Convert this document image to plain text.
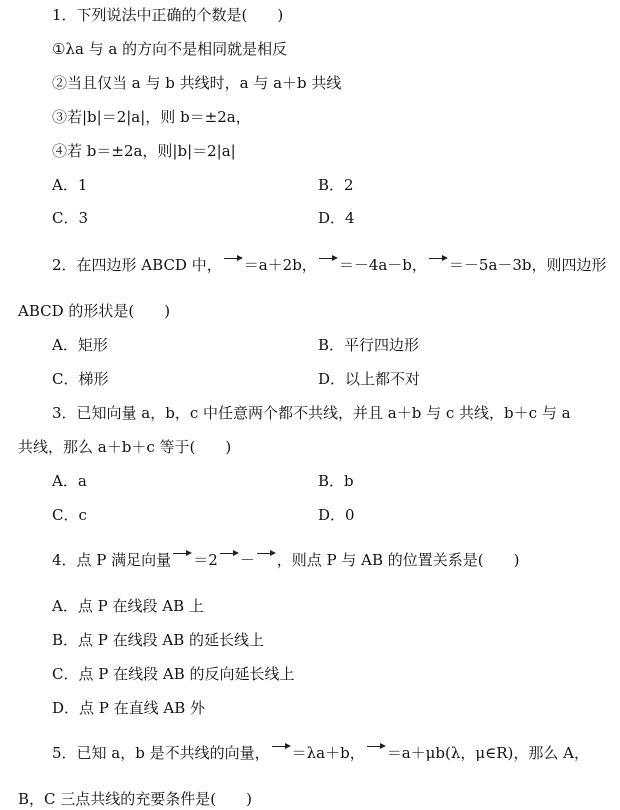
1．下列说法中正确的个数是(　　)
①λa 与 a 的方向不是相同就是相反
②当且仅当 a 与 b 共线时，a 与 a＋b 共线
③若|b|＝2|a|，则 b＝±2a，
④若 b＝±2a，则|b|＝2|a|
A．1	B．2
C．3	D．4
2．在四边形 ABCD 中， ＝a＋2b， ＝－4a－b， ＝－5a－3b，则四边形
ABCD 的形状是(　　)
A．矩形	B．平行四边形
C．梯形	D．以上都不对
3．已知向量 a，b，c 中任意两个都不共线，并且 a＋b 与 c 共线，b＋c 与 a
共线，那么 a＋b＋c 等于(　　)
A．a	B．b
C．c	D．0
4．点 P 满足向量 ＝2 － ，则点 P 与 AB 的位置关系是(　　)
A．点 P 在线段 AB 上
B．点 P 在线段 AB 的延长线上
C．点 P 在线段 AB 的反向延长线上
D．点 P 在直线 AB 外
5．已知 a，b 是不共线的向量， ＝λa＋b， ＝a＋μb(λ，μ∈R)，那么 A，
B，C 三点共线的充要条件是(　　)
